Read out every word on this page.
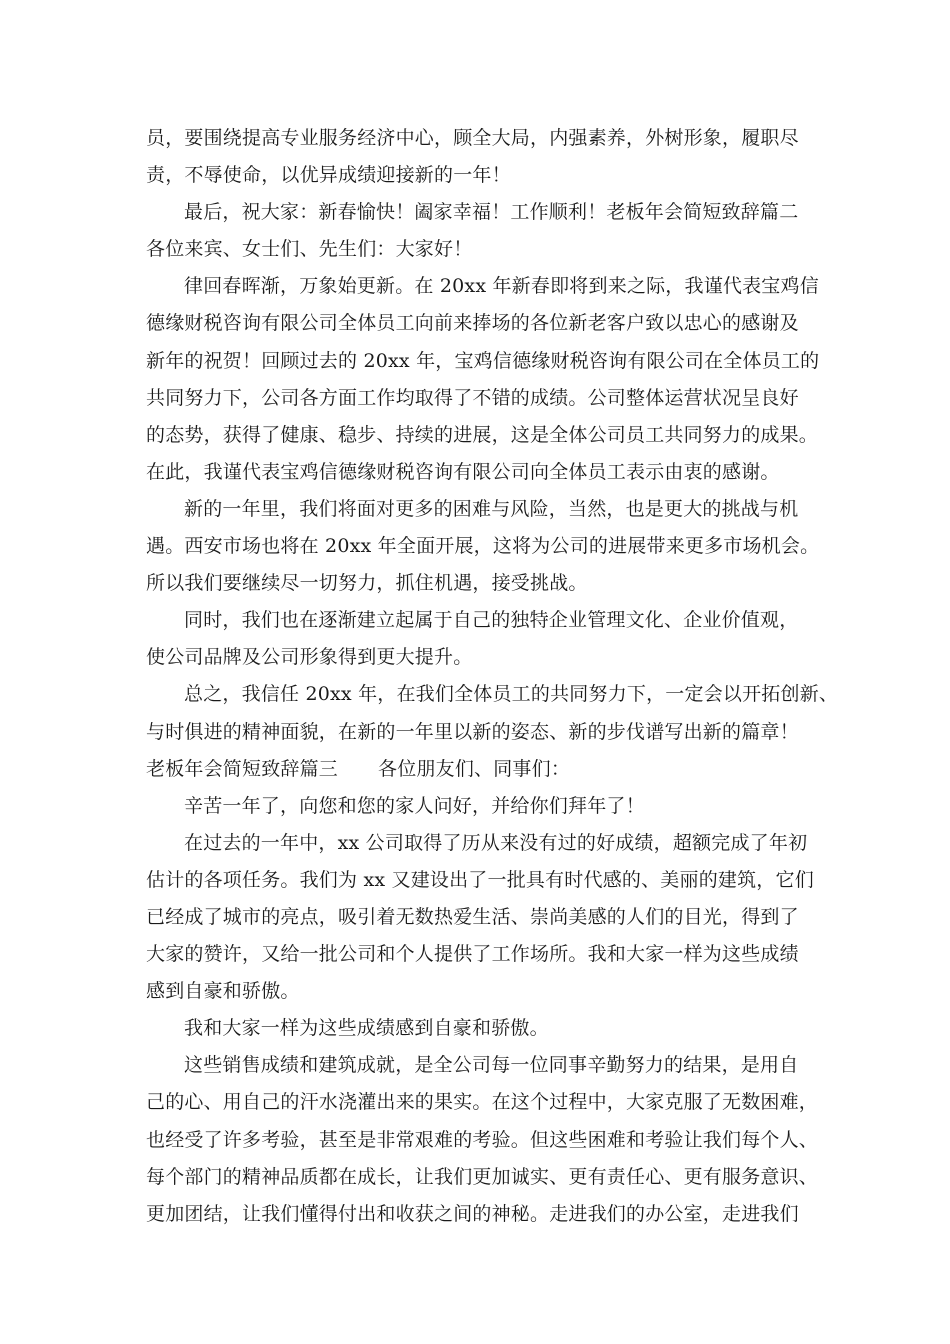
员，要围绕提高专业服务经济中心，顾全大局，内强素养，外树形象，履职尽
责，不辱使命，以优异成绩迎接新的一年！
最后，祝大家：新春愉快！阖家幸福！工作顺利！老板年会简短致辞篇二
各位来宾、女士们、先生们：大家好！
律回春晖渐，万象始更新。在 20xx 年新春即将到来之际，我谨代表宝鸡信
德缘财税咨询有限公司全体员工向前来捧场的各位新老客户致以忠心的感谢及
新年的祝贺！回顾过去的 20xx 年，宝鸡信德缘财税咨询有限公司在全体员工的
共同努力下，公司各方面工作均取得了不错的成绩。公司整体运营状况呈良好
的态势，获得了健康、稳步、持续的进展，这是全体公司员工共同努力的成果。
在此，我谨代表宝鸡信德缘财税咨询有限公司向全体员工表示由衷的感谢。
新的一年里，我们将面对更多的困难与风险，当然，也是更大的挑战与机
遇。西安市场也将在 20xx 年全面开展，这将为公司的进展带来更多市场机会。
所以我们要继续尽一切努力，抓住机遇，接受挑战。
同时，我们也在逐渐建立起属于自己的独特企业管理文化、企业价值观，
使公司品牌及公司形象得到更大提升。
总之，我信任 20xx 年，在我们全体员工的共同努力下，一定会以开拓创新、
与时俱进的精神面貌，在新的一年里以新的姿态、新的步伐谱写出新的篇章！
老板年会简短致辞篇三 各位朋友们、同事们：
辛苦一年了，向您和您的家人问好，并给你们拜年了！
在过去的一年中，xx 公司取得了历从来没有过的好成绩，超额完成了年初
估计的各项任务。我们为 xx 又建设出了一批具有时代感的、美丽的建筑，它们
已经成了城市的亮点，吸引着无数热爱生活、崇尚美感的人们的目光，得到了
大家的赞许，又给一批公司和个人提供了工作场所。我和大家一样为这些成绩
感到自豪和骄傲。
我和大家一样为这些成绩感到自豪和骄傲。
这些销售成绩和建筑成就，是全公司每一位同事辛勤努力的结果，是用自
己的心、用自己的汗水浇灌出来的果实。在这个过程中，大家克服了无数困难，
也经受了许多考验，甚至是非常艰难的考验。但这些困难和考验让我们每个人、
每个部门的精神品质都在成长，让我们更加诚实、更有责任心、更有服务意识、
更加团结，让我们懂得付出和收获之间的神秘。走进我们的办公室，走进我们
